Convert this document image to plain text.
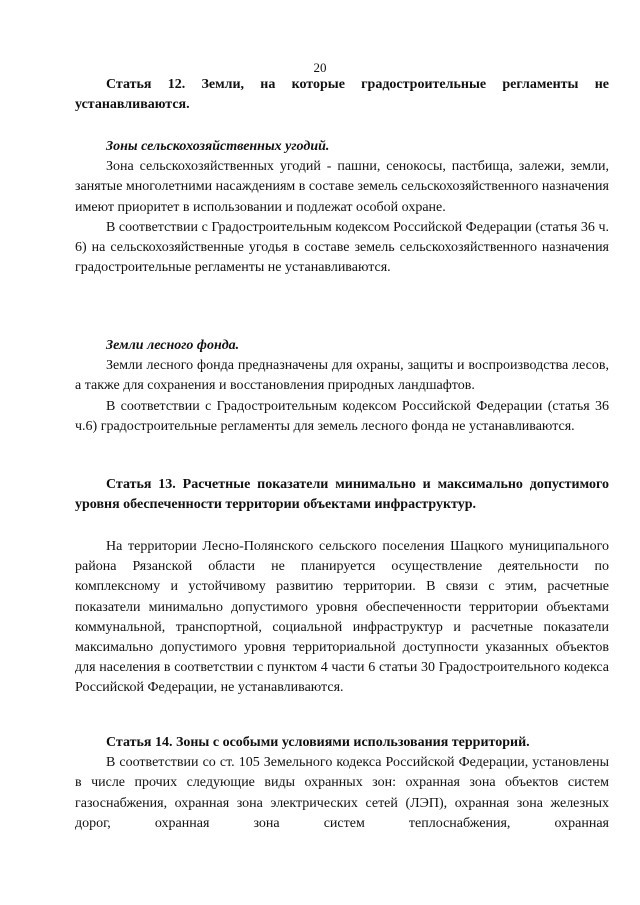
20

Статья 12. Земли, на которые градостроительные регламенты не устанавливаются.

Зоны сельскохозяйственных угодий.

Зона сельскохозяйственных угодий - пашни, сенокосы, пастбища, залежи, земли, занятые многолетними насаждениям в составе земель сельскохозяйственного назначения имеют приоритет в использовании и подлежат особой охране.

В соответствии с Градостроительным кодексом Российской Федерации (статья 36 ч. 6) на сельскохозяйственные угодья в составе земель сельскохозяйственного назначения градостроительные регламенты не устанавливаются.

Земли лесного фонда.

Земли лесного фонда предназначены для охраны, защиты и воспроизводства лесов, а также для сохранения и восстановления природных ландшафтов.

В соответствии с Градостроительным кодексом Российской Федерации (статья 36 ч.6) градостроительные регламенты для земель лесного фонда не устанавливаются.

Статья 13. Расчетные показатели минимально и максимально допустимого уровня обеспеченности территории объектами инфраструктур.

На территории Лесно-Полянского сельского поселения Шацкого муниципального района Рязанской области не планируется осуществление деятельности по комплексному и устойчивому развитию территории. В связи с этим, расчетные показатели минимально допустимого уровня обеспеченности территории объектами коммунальной, транспортной, социальной инфраструктур и расчетные показатели максимально допустимого уровня территориальной доступности указанных объектов для населения в соответствии с пунктом 4 части 6 статьи 30 Градостроительного кодекса Российской Федерации, не устанавливаются.

Статья 14. Зоны с особыми условиями использования территорий.

В соответствии со ст. 105 Земельного кодекса Российской Федерации, установлены в числе прочих следующие виды охранных зон: охранная зона объектов систем газоснабжения, охранная зона электрических сетей (ЛЭП), охранная зона железных дорог, охранная зона систем теплоснабжения, охранная
